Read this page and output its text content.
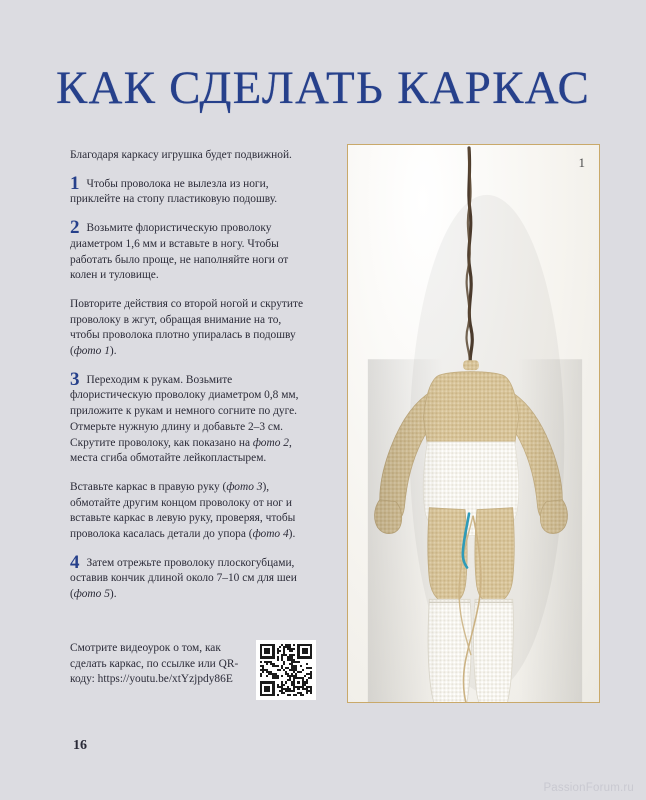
КАК СДЕЛАТЬ КАРКАС

Благодаря каркасу игрушка будет подвижной.

1 Чтобы проволока не вылезла из ноги, приклейте на стопу пластиковую подошву.

2 Возьмите флористическую проволоку диаметром 1,6 мм и вставьте в ногу. Чтобы работать было проще, не наполняйте ноги от колен и туловище.

Повторите действия со второй ногой и скрутите проволоку в жгут, обращая внимание на то, чтобы проволока плотно упиралась в подошву (фото 1).

3 Переходим к рукам. Возьмите флористическую проволоку диаметром 0,8 мм, приложите к рукам и немного согните по дуге. Отмерьте нужную длину и добавьте 2–3 см. Скрутите проволоку, как показано на фото 2, места сгиба обмотайте лейкопластырем.

Вставьте каркас в правую руку (фото 3), обмотайте другим концом проволоку от ног и вставьте каркас в левую руку, проверяя, чтобы проволока касалась детали до упора (фото 4).

4 Затем отрежьте проволоку плоскогубцами, оставив кончик длиной около 7–10 см для шеи (фото 5).

Смотрите видеоурок о том, как сделать каркас, по ссылке или QR-коду: https://youtu.be/xtYzjpdy86E
1
16
PassionForum.ru
